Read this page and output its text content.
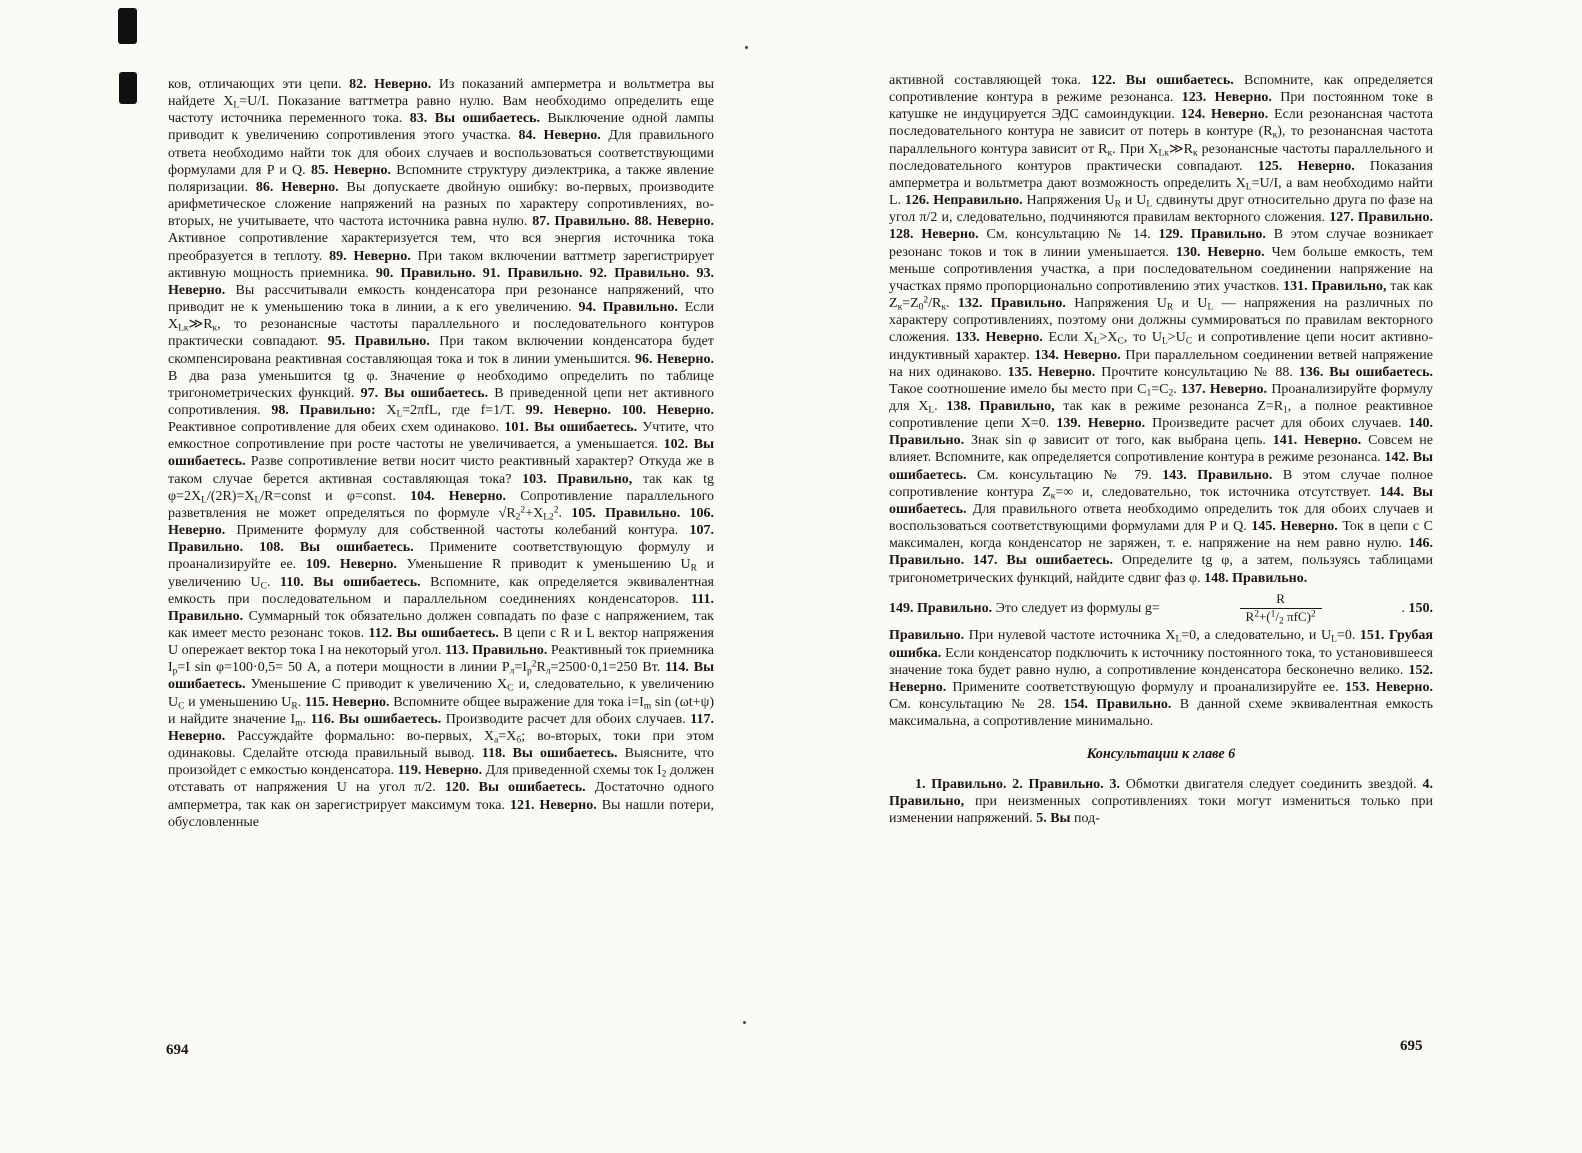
ков, отличающих эти цепи. 82. Неверно. Из показаний амперметра и вольтметра вы найдете $X_L=U/I$. Показание ваттметра равно нулю. Вам необходимо определить еще частоту источника переменного тока. 83. Вы ошибаетесь. Выключение одной лампы приводит к увеличению сопротивления этого участка. 84. Неверно. Для правильного ответа необходимо найти ток для обоих случаев и воспользоваться соответствующими формулами для P и Q. 85. Неверно. Вспомните структуру диэлектрика, а также явление поляризации. 86. Неверно. Вы допускаете двойную ошибку: во-первых, производите арифметическое сложение напряжений на разных по характеру сопротивлениях, во-вторых, не учитываете, что частота источника равна нулю. 87. Правильно. 88. Неверно. Активное сопротивление характеризуется тем, что вся энергия источника тока преобразуется в теплоту. 89. Неверно. При таком включении ваттметр зарегистрирует активную мощность приемника. 90. Правильно. 91. Правильно. 92. Правильно. 93. Неверно. Вы рассчитывали емкость конденсатора при резонансе напряжений, что приводит не к уменьшению тока в линии, а к его увеличению. 94. Правильно. Если $X_{Lк}≫R_к$, то резонансные частоты параллельного и последовательного контуров практически совпадают. 95. Правильно. При таком включении конденсатора будет скомпенсирована реактивная составляющая тока и ток в линии уменьшится. 96. Неверно. В два раза уменьшится tg φ. Значение φ необходимо определить по таблице тригонометрических функций. 97. Вы ошибаетесь. В приведенной цепи нет активного сопротивления. 98. Правильно: $X_L=2\pi fL$, где f=1/T. 99. Неверно. 100. Неверно. Реактивное сопротивление для обеих схем одинаково. 101. Вы ошибаетесь. Учтите, что емкостное сопротивление при росте частоты не увеличивается, а уменьшается. 102. Вы ошибаетесь. Разве сопротивление ветви носит чисто реактивный характер? Откуда же в таком случае берется активная составляющая тока? 103. Правильно, так как tg $\varphi=2X_L/(2R)=X_L/R=const$ и φ=const. 104. Неверно. Сопротивление параллельного разветвления не может определяться по формуле $√R_2^2+X_{L2}^2$. 105. Правильно. 106. Неверно. Примените формулу для собственной частоты колебаний контура. 107. Правильно. 108. Вы ошибаетесь. Примените соответствующую формулу и проанализируйте ее. 109. Неверно. Уменьшение R приводит к уменьшению $U_R$ и увеличению $U_C$. 110. Вы ошибаетесь. Вспомните, как определяется эквивалентная емкость при последовательном и параллельном соединениях конденсаторов. 111. Правильно. Суммарный ток обязательно должен совпадать по фазе с напряжением, так как имеет место резонанс токов. 112. Вы ошибаетесь. В цепи с R и L вектор напряжения U опережает вектор тока I на некоторый угол. 113. Правильно. Реактивный ток приемника $I_р=I$ sin φ=100·0,5= 50 А, а потери мощности в линии $P_л=I_р^2R_л=2500\cdot 0,1=250$ Вт. 114. Вы ошибаетесь. Уменьшение C приводит к увеличению $X_C$ и, следовательно, к увеличению $U_C$ и уменьшению $U_R$. 115. Неверно. Вспомните общее выражение для тока $i=I_m$ sin (ωt+ψ) и найдите значение $I_m$. 116. Вы ошибаетесь. Производите расчет для обоих случаев. 117. Неверно. Рассуждайте формально: во-первых, $X_а=X_б$; во-вторых, токи при этом одинаковы. Сделайте отсюда правильный вывод. 118. Вы ошибаетесь. Выясните, что произойдет с емкостью конденсатора. 119. Неверно. Для приведенной схемы ток $I_2$ должен отставать от напряжения U на угол π/2. 120. Вы ошибаетесь. Достаточно одного амперметра, так как он зарегистрирует максимум тока. 121. Неверно. Вы нашли потери, обусловленные

активной составляющей тока. 122. Вы ошибаетесь. Вспомните, как определяется сопротивление контура в режиме резонанса. 123. Неверно. При постоянном токе в катушке не индуцируется ЭДС самоиндукции. 124. Неверно. Если резонансная частота последовательного контура не зависит от потерь в контуре $(R_к)$, то резонансная частота параллельного контура зависит от $R_к$. При $X_{Lк}≫R_к$ резонансные частоты параллельного и последовательного контуров практически совпадают. 125. Неверно. Показания амперметра и вольтметра дают возможность определить $X_L=U/I$, а вам необходимо найти L. 126. Неправильно. Напряжения $U_R$ и $U_L$ сдвинуты друг относительно друга по фазе на угол π/2 и, следовательно, подчиняются правилам векторного сложения. 127. Правильно. 128. Неверно. См. консультацию № 14. 129. Правильно. В этом случае возникает резонанс токов и ток в линии уменьшается. 130. Неверно. Чем больше емкость, тем меньше сопротивления участка, а при последовательном соединении напряжение на участках прямо пропорционально сопротивлению этих участков. 131. Правильно, так как $Z_к=Z_0^2/R_к$. 132. Правильно. Напряжения $U_R$ и $U_L$ — напряжения на различных по характеру сопротивлениях, поэтому они должны суммироваться по правилам векторного сложения. 133. Неверно. Если $X_L>X_C$, то $U_L>U_C$ и сопротивление цепи носит активно-индуктивный характер. 134. Неверно. При параллельном соединении ветвей напряжение на них одинаково. 135. Неверно. Прочтите консультацию № 88. 136. Вы ошибаетесь. Такое соотношение имело бы место при $C_1=C_2$. 137. Неверно. Проанализируйте формулу для $X_L$. 138. Правильно, так как в режиме резонанса $Z=R_1$, а полное реактивное сопротивление цепи X=0. 139. Неверно. Произведите расчет для обоих случаев. 140. Правильно. Знак sin φ зависит от того, как выбрана цепь. 141. Неверно. Совсем не влияет. Вспомните, как определяется сопротивление контура в режиме резонанса. 142. Вы ошибаетесь. См. консультацию № 79. 143. Правильно. В этом случае полное сопротивление контура $Z_к=\infty$ и, следовательно, ток источника отсутствует. 144. Вы ошибаетесь. Для правильного ответа необходимо определить ток для обоих случаев и воспользоваться соответствующими формулами для P и Q. 145. Неверно. Ток в цепи с C максимален, когда конденсатор не заряжен, т. е. напряжение на нем равно нулю. 146. Правильно. 147. Вы ошибаетесь. Определите tg φ, а затем, пользуясь таблицами тригонометрических функций, найдите сдвиг фаз φ. 148. Правильно.

149. Правильно. Это следует из формулы g=	$\frac{R}{R^2+(^1/_2 \pi fC)^2}$	. 150.

Правильно. При нулевой частоте источника $X_L=0$, а следовательно, и $U_L=0$. 151. Грубая ошибка. Если конденсатор подключить к источнику постоянного тока, то установившееся значение тока будет равно нулю, а сопротивление конденсатора бесконечно велико. 152. Неверно. Примените соответствующую формулу и проанализируйте ее. 153. Неверно. См. консультацию № 28. 154. Правильно. В данной схеме эквивалентная емкость максимальна, а сопротивление минимально.

Консультации к главе 6

1. Правильно. 2. Правильно. 3. Обмотки двигателя следует соединить звездой. 4. Правильно, при неизменных сопротивлениях токи могут измениться только при изменении напряжений. 5. Вы под-

694	695
